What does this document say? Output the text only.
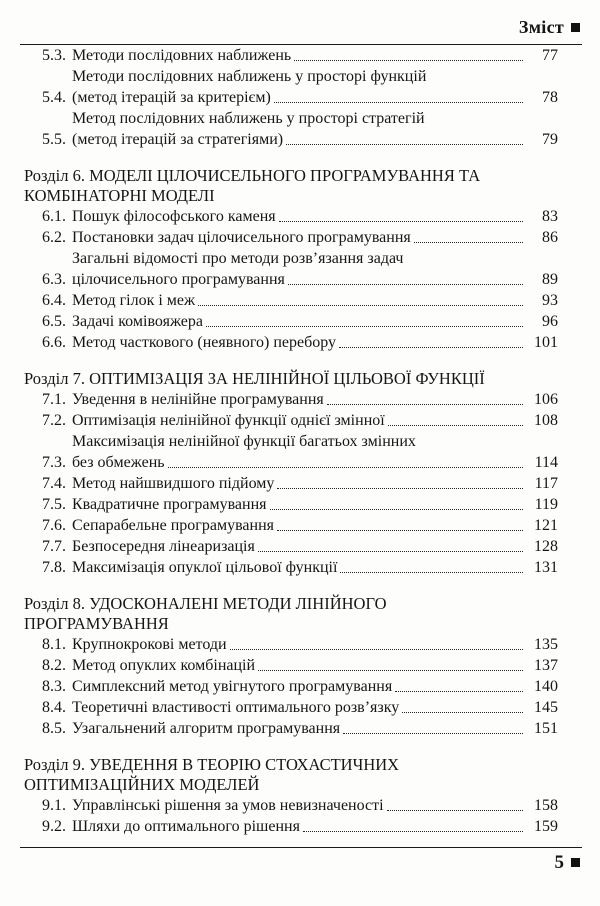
Зміст
5.3. Методи послідовних наближень	77
5.4.
Методи послідовних наближень у просторі функцій
(метод ітерацій за критерієм)	78
5.5.
Метод послідовних наближень у просторі стратегій
(метод ітерацій за стратегіями)	79
Розділ 6. МОДЕЛІ ЦІЛОЧИСЕЛЬНОГО ПРОГРАМУВАННЯ ТА КОМБІНАТОРНІ МОДЕЛІ
6.1. Пошук філософського каменя	83
6.2. Постановки задач цілочисельного програмування	86
6.3.
Загальні відомості про методи розв’язання задач
цілочисельного програмування	89
6.4. Метод гілок і меж	93
6.5. Задачі комівояжера	96
6.6. Метод часткового (неявного) перебору	101
Розділ 7. ОПТИМІЗАЦІЯ ЗА НЕЛІНІЙНОЇ ЦІЛЬОВОЇ ФУНКЦІЇ
7.1. Уведення в нелінійне програмування	106
7.2. Оптимізація нелінійної функції однієї змінної	108
7.3.
Максимізація нелінійної функції багатьох змінних
без обмежень	114
7.4. Метод найшвидшого підйому	117
7.5. Квадратичне програмування	119
7.6. Сепарабельне програмування	121
7.7. Безпосередня лінеаризація	128
7.8. Максимізація опуклої цільової функції	131
Розділ 8. УДОСКОНАЛЕНІ МЕТОДИ ЛІНІЙНОГО ПРОГРАМУВАННЯ
8.1. Крупнокрокові методи	135
8.2. Метод опуклих комбінацій	137
8.3. Симплексний метод увігнутого програмування	140
8.4. Теоретичні властивості оптимального розв’язку	145
8.5. Узагальнений алгоритм програмування	151
Розділ 9. УВЕДЕННЯ В ТЕОРІЮ СТОХАСТИЧНИХ ОПТИМІЗАЦІЙНИХ МОДЕЛЕЙ
9.1. Управлінські рішення за умов невизначеності	158
9.2. Шляхи до оптимального рішення	159
5
